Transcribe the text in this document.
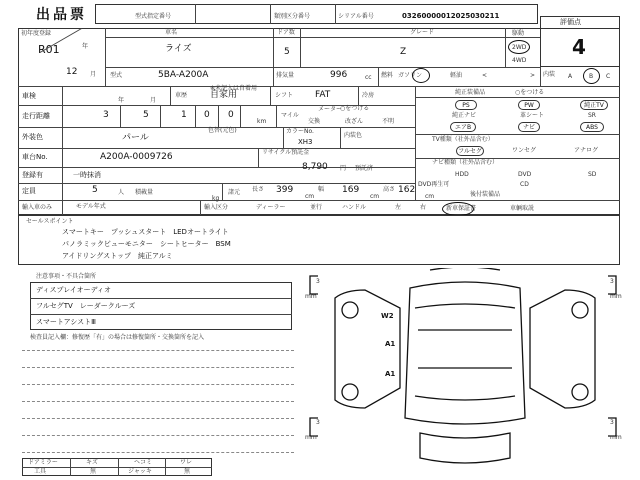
出品票	型式指定番号	類別区分番号	シリアル番号	03260000012025030211
評価点
4
初年度登録
R01	年
12 月
車名
ライズ
ドア数
5
グレード
Z
駆動
2WD
4WD
型式	5BA-A200A	排気量	996	cc 燃料 ガソリン	軽油	<	> 内装 A	B C
車検
年	月
車歴	自家用
※未記入は自着用
シフト FAT	冷房
走行距離	3	5	1 0 0
km
マイル
メーター
○をつける
交換	改ざん	不明
外装色	パール
色替(元色)	カラーNo.
XH3
内装色
車台No.	A200A-0009726	リサイクル預託金
8,790 円
登録有	一時抹消
預託済
定員	5	人 積載量
kg
諸元 長さ 399
cm
幅 169
cm
高さ 162
cm
輸入車のみ	モデル年式	輸入区分	ディーラー	並行	ハンドル	左	右
純正装備品	○をつける
PS	PW	純正TV
純正ナビ	革シート	SR
エアB	ナビ	ABS
TV種類（社外品含む）
フルセグ	ワンセグ	アナログ
ナビ種類（社外品含む）
HDD	DVD	SD
DVD再生可	CD
後付装備品
新車保証書	車輌取説
セールスポイント
スマートキー　プッシュスタート　LEDオートライト
パノラミックビューモニター　シートヒーター　BSM
アイドリングストップ　純正アルミ
注意事項・不具合箇所
ディスプレイオーディオ
フルセグTV　レーダークルーズ
スマートアシストⅢ
検査員記入欄：修復歴「有」の場合は修復箇所・交換箇所を記入
W2
A1
A1
3
mm
3
mm
3
mm
3
mm
ドアミラー	キズ	ヘコミ	ワレ
工具	無	ジャッキ	無
